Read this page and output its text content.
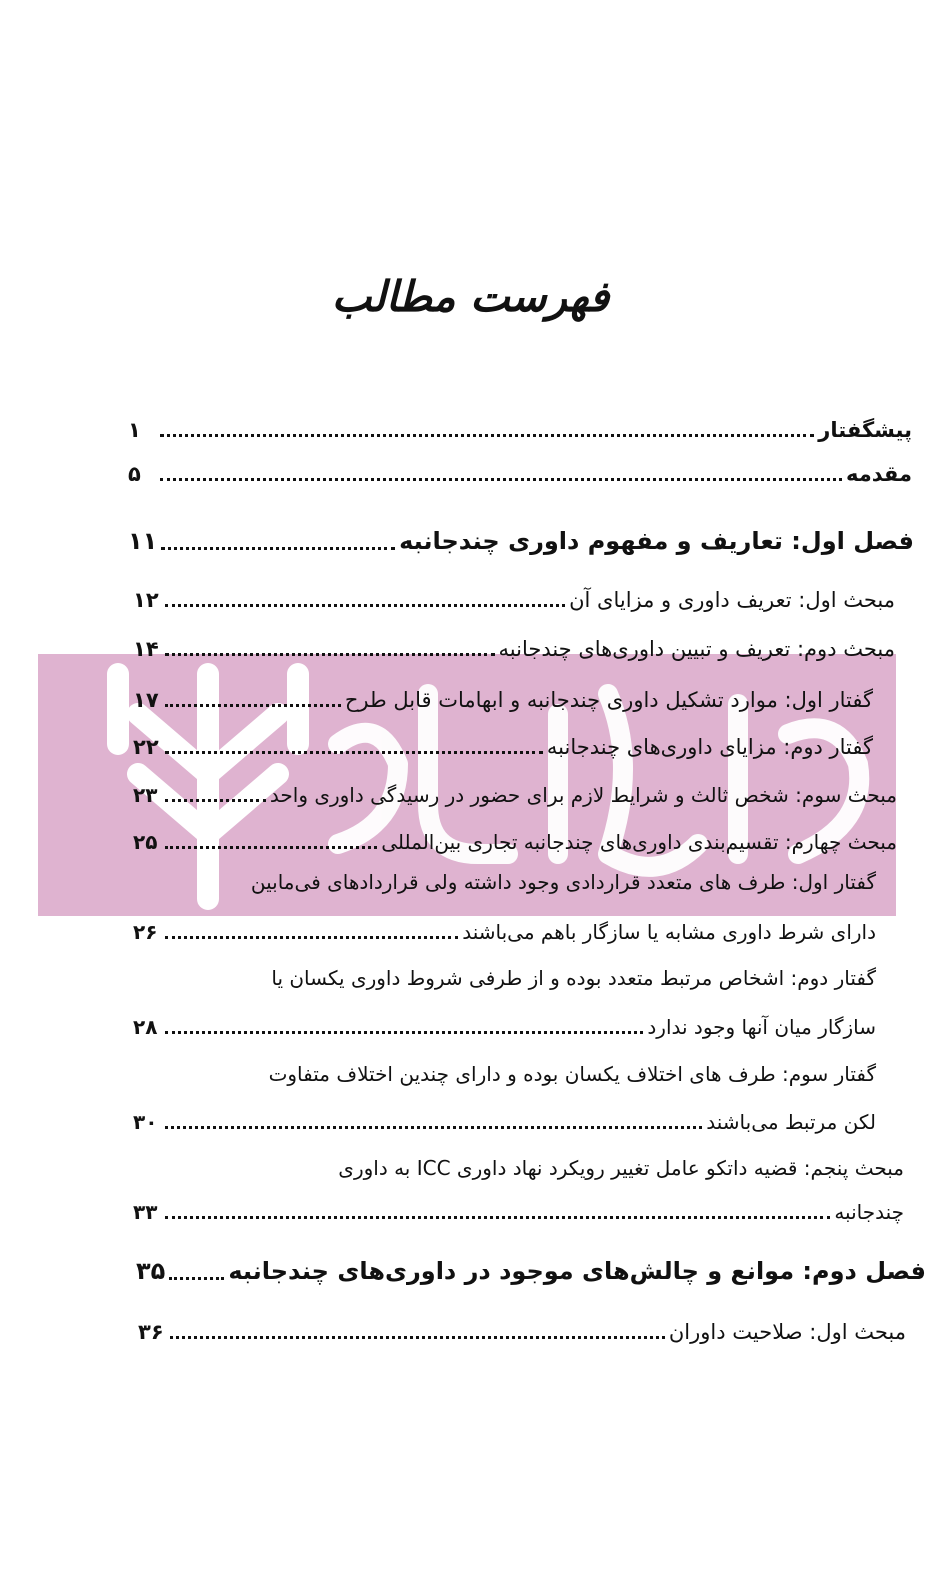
فهرست مطالب
پیشگفتار
۱
مقدمه
۵
فصل اول: تعاریف و مفهوم داوری چندجانبه
۱۱
مبحث اول: تعریف داوری و مزایای آن
۱۲
مبحث دوم: تعریف و تبیین داوری‌های چندجانبه
۱۴
گفتار اول: موارد تشکیل داوری چندجانبه و ابهامات قابل طرح
۱۷
گفتار دوم: مزایای داوری‌های چندجانبه
۲۲
مبحث سوم: شخص ثالث و شرایط لازم برای حضور در رسیدگی داوری واحد
۲۳
مبحث چهارم: تقسیم‌بندی داوری‌های چندجانبه تجاری بین‌المللی
۲۵
گفتار اول: طرف های متعدد قراردادی وجود داشته ولی قراردادهای فی‌مابین
دارای شرط داوری مشابه یا سازگار باهم می‌باشند
۲۶
گفتار دوم: اشخاص مرتبط متعدد بوده و از طرفی شروط داوری یکسان یا
سازگار میان آنها وجود ندارد
۲۸
گفتار سوم: طرف های اختلاف یکسان بوده و دارای چندین اختلاف متفاوت
لکن مرتبط می‌باشند
۳۰
مبحث پنجم: قضیه داتکو عامل تغییر رویکرد نهاد داوری ICC به داوری
چندجانبه
۳۳
فصل دوم: موانع و چالش‌های موجود در داوری‌های چندجانبه
۳۵
مبحث اول: صلاحیت داوران
۳۶
